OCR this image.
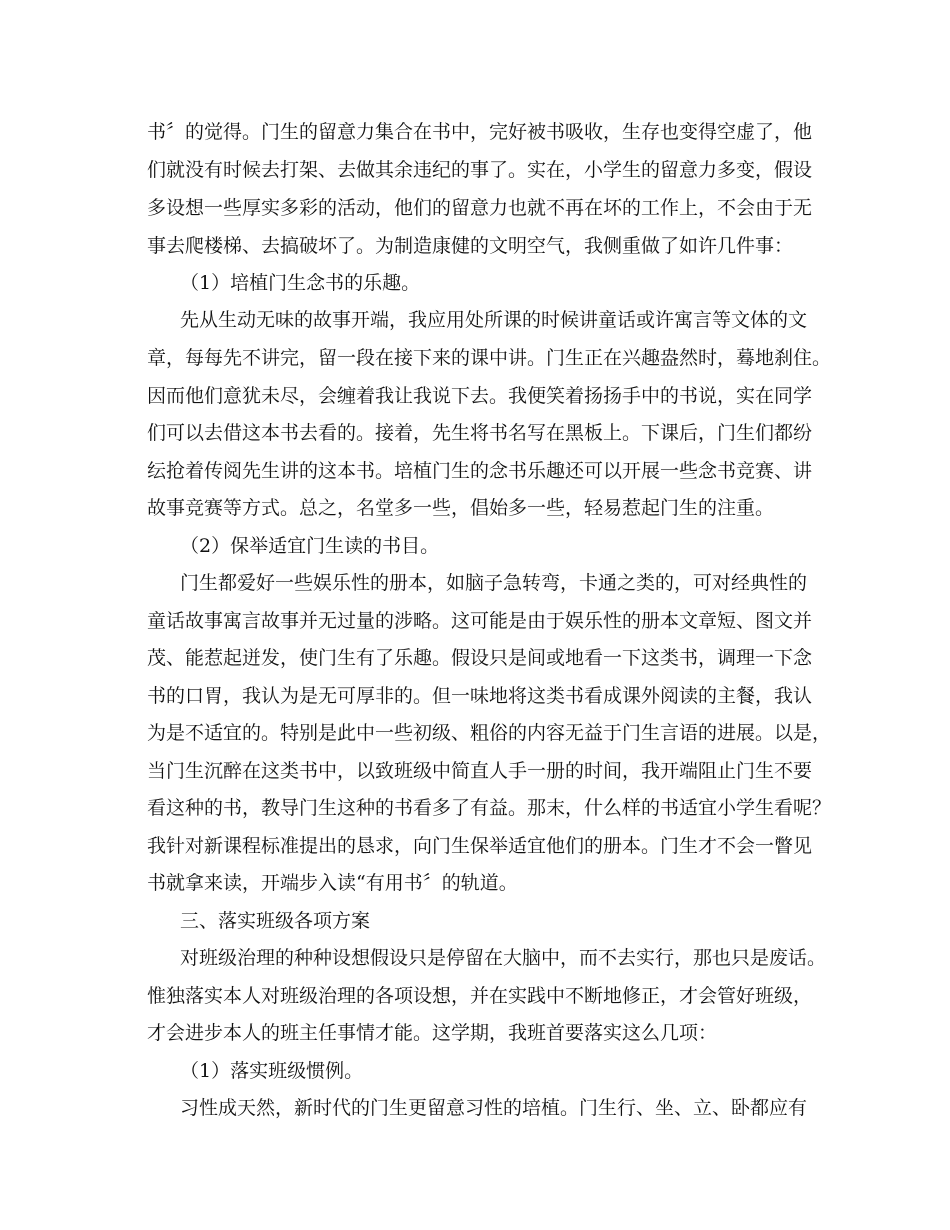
书〞的觉得。门生的留意力集合在书中，完好被书吸收，生存也变得空虚了，他
们就没有时候去打架、去做其余违纪的事了。实在，小学生的留意力多变，假设
多设想一些厚实多彩的活动，他们的留意力也就不再在坏的工作上，不会由于无
事去爬楼梯、去搞破坏了。为制造康健的文明空气，我侧重做了如许几件事：
（1）培植门生念书的乐趣。
先从生动无味的故事开端，我应用处所课的时候讲童话或许寓言等文体的文
章，每每先不讲完，留一段在接下来的课中讲。门生正在兴趣盎然时，蓦地刹住。
因而他们意犹未尽，会缠着我让我说下去。我便笑着扬扬手中的书说，实在同学
们可以去借这本书去看的。接着，先生将书名写在黑板上。下课后，门生们都纷
纭抢着传阅先生讲的这本书。培植门生的念书乐趣还可以开展一些念书竞赛、讲
故事竞赛等方式。总之，名堂多一些，倡始多一些，轻易惹起门生的注重。
（2）保举适宜门生读的书目。
门生都爱好一些娱乐性的册本，如脑子急转弯，卡通之类的，可对经典性的
童话故事寓言故事并无过量的涉略。这可能是由于娱乐性的册本文章短、图文并
茂、能惹起迸发，使门生有了乐趣。假设只是间或地看一下这类书，调理一下念
书的口胃，我认为是无可厚非的。但一味地将这类书看成课外阅读的主餐，我认
为是不适宜的。特别是此中一些初级、粗俗的内容无益于门生言语的进展。以是，
当门生沉醉在这类书中，以致班级中简直人手一册的时间，我开端阻止门生不要
看这种的书，教导门生这种的书看多了有益。那末，什么样的书适宜小学生看呢？
我针对新课程标准提出的恳求，向门生保举适宜他们的册本。门生才不会一瞥见
书就拿来读，开端步入读“有用书〞的轨道。
三、落实班级各项方案
对班级治理的种种设想假设只是停留在大脑中，而不去实行，那也只是废话。
惟独落实本人对班级治理的各项设想，并在实践中不断地修正，才会管好班级，
才会进步本人的班主任事情才能。这学期，我班首要落实这么几项：
（1）落实班级惯例。
习性成天然，新时代的门生更留意习性的培植。门生行、坐、立、卧都应有
